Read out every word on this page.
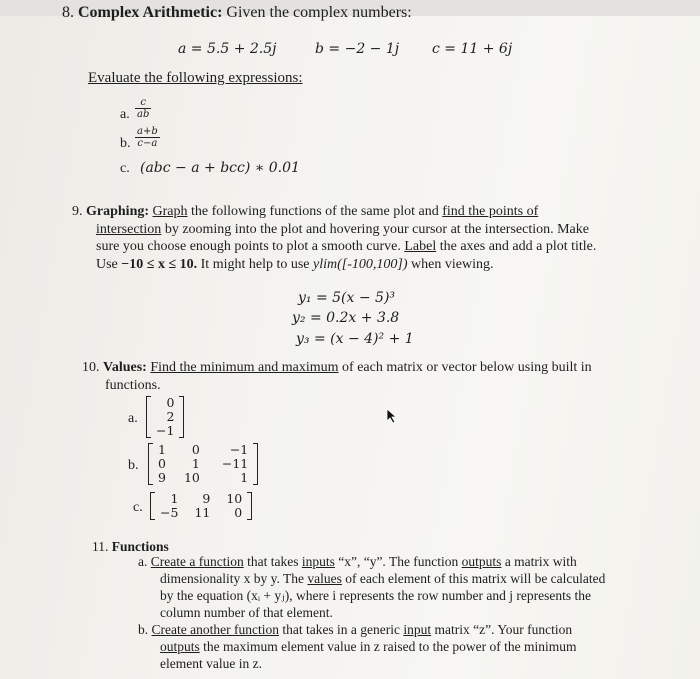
8. Complex Arithmetic: Given the complex numbers:
a = 5.5 + 2.5j	b = −2 − 1j c = 11 + 6j
Evaluate the following expressions:
a. $\frac{c}{ab}$
b. $\frac{a+b}{c-a}$
c. (abc − a + bcc) ∗ 0.01
9. Graphing: Graph the following functions of the same plot and find the points of
intersection by zooming into the plot and hovering your cursor at the intersection. Make
sure you choose enough points to plot a smooth curve. Label the axes and add a plot title.
Use −10 ≤ x ≤ 10. It might help to use ylim([-100,100]) when viewing.
y₁ = 5(x − 5)³
y₂ = 0.2x + 3.8
y₃ = (x − 4)² + 1
10. Values: Find the minimum and maximum of each matrix or vector below using built in
functions.
a.
0
2
−1
b.
1	0	−1
0	1	−11
9	10	1
c.
1	9	10
−5	11	0
11. Functions
a. Create a function that takes inputs “x”, “y”. The function outputs a matrix with
dimensionality x by y. The values of each element of this matrix will be calculated
by the equation (xᵢ + yⱼ), where i represents the row number and j represents the
column number of that element.
b. Create another function that takes in a generic input matrix “z”. Your function
outputs the maximum element value in z raised to the power of the minimum
element value in z.
